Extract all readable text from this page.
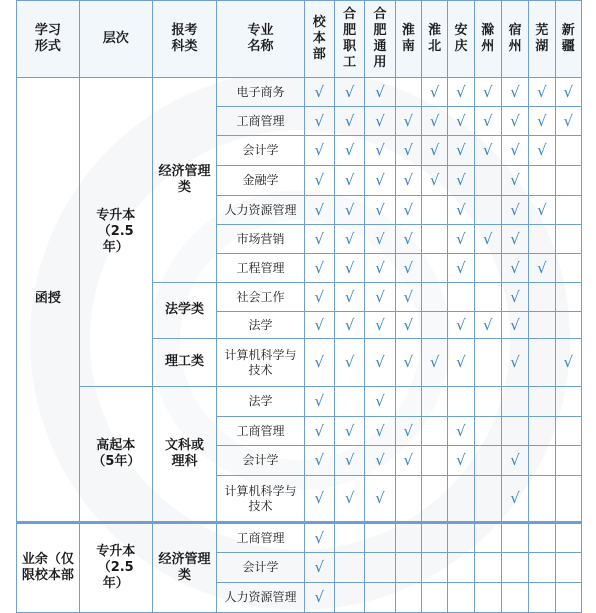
学习形式	层次	报考科类	专业名称	校本部	合肥职工	合肥通用	淮南	淮北	安庆	滁州	宿州	芜湖	新疆

函授	专升本（2.5年）	经济管理类	电子商务	√	√	√		√	√	√	√	√	√
			工商管理	√	√	√	√	√	√	√	√	√	√
			会计学	√	√	√	√	√	√	√	√	√	
			金融学	√	√	√	√	√	√		√		
			人力资源管理	√	√	√	√		√		√	√	
			市场营销	√	√	√	√		√	√	√		
			工程管理	√	√	√	√		√		√	√	
		法学类	社会工作	√	√	√	√				√		
			法学	√	√	√	√		√	√	√		
		理工类	计算机科学与技术	√	√	√	√	√	√		√		√
	高起本（5年）	文科或理科	法学	√		√							
			工商管理	√	√	√	√		√				
			会计学	√	√	√	√		√		√		
			计算机科学与技术	√	√	√					√		
业余（仅限校本部	专升本（2.5年）	经济管理类	工商管理	√									
			会计学	√									
			人力资源管理	√									
